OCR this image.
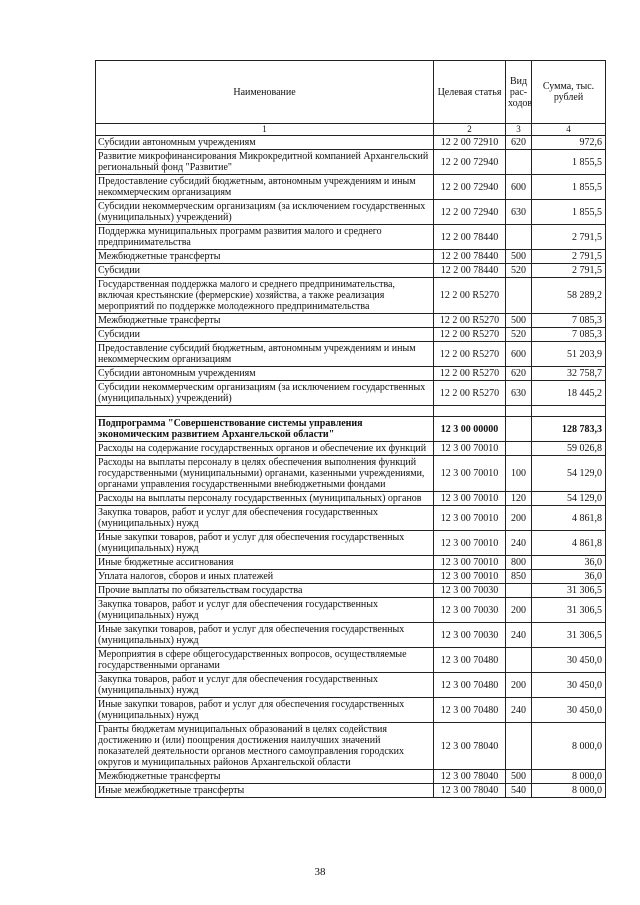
Наименование	Целевая статья	Вид рас-ходов	Сумма, тыс. рублей
1	2	3	4
Субсидии автономным учреждениям	12 2 00 72910	620	972,6
Развитие микрофинансирования Микрокредитной компанией Архангельский региональный фонд "Развитие"	12 2 00 72940		1 855,5
Предоставление субсидий бюджетным, автономным учреждениям и иным некоммерческим организациям	12 2 00 72940	600	1 855,5
Субсидии некоммерческим организациям (за исключением государственных (муниципальных) учреждений)	12 2 00 72940	630	1 855,5
Поддержка муниципальных программ развития малого и среднего предпринимательства	12 2 00 78440		2 791,5
Межбюджетные трансферты	12 2 00 78440	500	2 791,5
Субсидии	12 2 00 78440	520	2 791,5
Государственная поддержка малого и среднего предпринимательства, включая крестьянские (фермерские) хозяйства, а также реализация мероприятий по поддержке молодежного предпринимательства	12 2 00 R5270		58 289,2
Межбюджетные трансферты	12 2 00 R5270	500	7 085,3
Субсидии	12 2 00 R5270	520	7 085,3
Предоставление субсидий бюджетным, автономным учреждениям и иным некоммерческим организациям	12 2 00 R5270	600	51 203,9
Субсидии автономным учреждениям	12 2 00 R5270	620	32 758,7
Субсидии некоммерческим организациям (за исключением государственных (муниципальных) учреждений)	12 2 00 R5270	630	18 445,2

Подпрограмма "Совершенствование системы управления экономическим развитием Архангельской области"	12 3 00 00000		128 783,3
Расходы на содержание государственных органов и обеспечение их функций	12 3 00 70010		59 026,8
Расходы на выплаты персоналу в целях обеспечения выполнения функций государственными (муниципальными) органами, казенными учреждениями, органами управления государственными внебюджетными фондами	12 3 00 70010	100	54 129,0
Расходы на выплаты персоналу государственных (муниципальных) органов	12 3 00 70010	120	54 129,0
Закупка товаров, работ и услуг для обеспечения государственных (муниципальных) нужд	12 3 00 70010	200	4 861,8
Иные закупки товаров, работ и услуг для обеспечения государственных (муниципальных) нужд	12 3 00 70010	240	4 861,8
Иные бюджетные ассигнования	12 3 00 70010	800	36,0
Уплата налогов, сборов и иных платежей	12 3 00 70010	850	36,0
Прочие выплаты по обязательствам государства	12 3 00 70030		31 306,5
Закупка товаров, работ и услуг для обеспечения государственных (муниципальных) нужд	12 3 00 70030	200	31 306,5
Иные закупки товаров, работ и услуг для обеспечения государственных (муниципальных) нужд	12 3 00 70030	240	31 306,5
Мероприятия в сфере общегосударственных вопросов, осуществляемые государственными органами	12 3 00 70480		30 450,0
Закупка товаров, работ и услуг для обеспечения государственных (муниципальных) нужд	12 3 00 70480	200	30 450,0
Иные закупки товаров, работ и услуг для обеспечения государственных (муниципальных) нужд	12 3 00 70480	240	30 450,0
Гранты бюджетам муниципальных образований в целях содействия достижению и (или) поощрения достижения наилучших значений показателей деятельности органов местного самоуправления городских округов и муниципальных районов Архангельской области	12 3 00 78040		8 000,0
Межбюджетные трансферты	12 3 00 78040	500	8 000,0
Иные межбюджетные трансферты	12 3 00 78040	540	8 000,0
38
